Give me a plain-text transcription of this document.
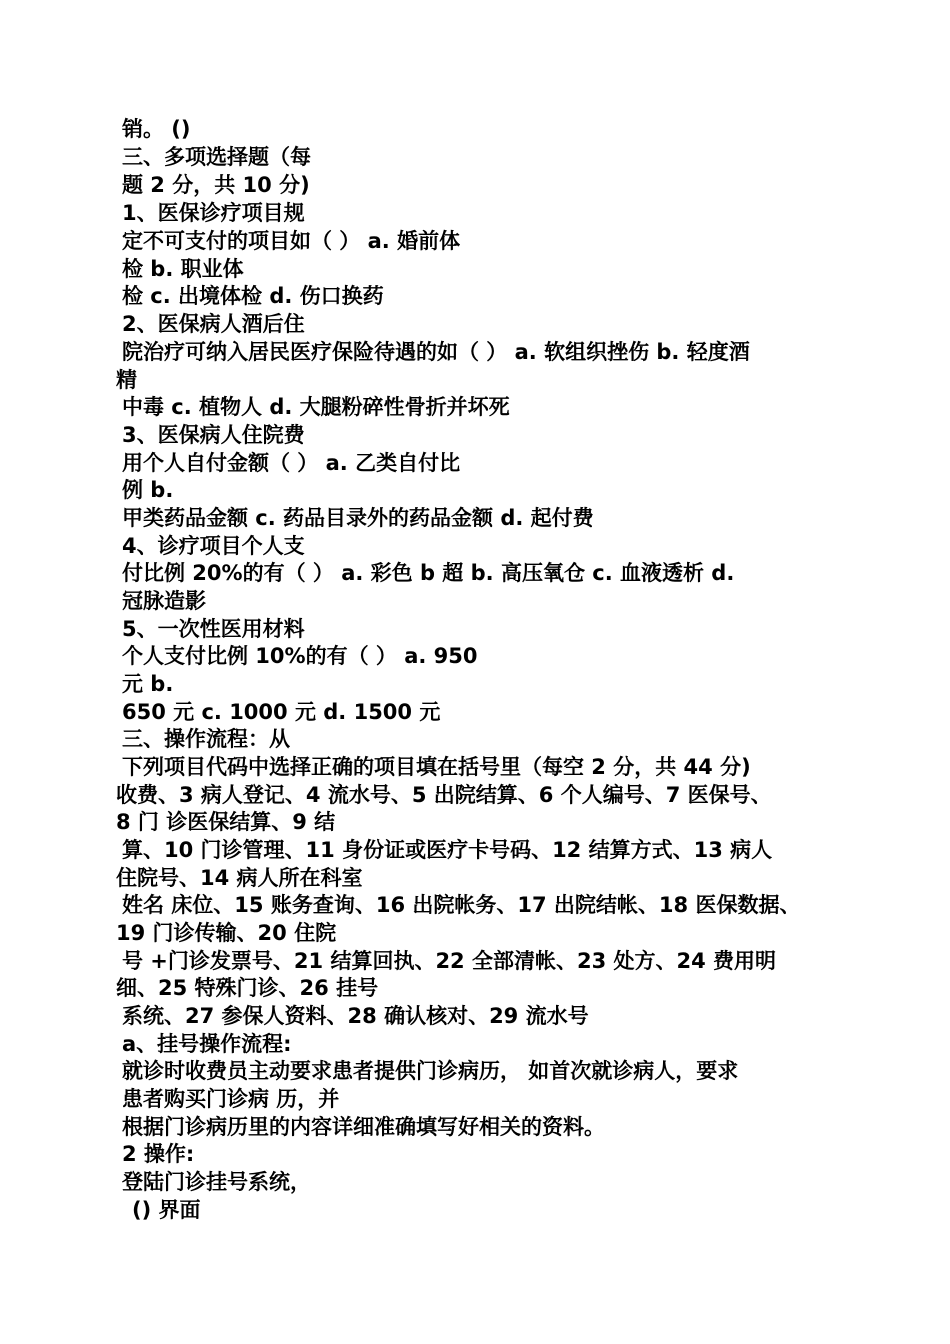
销。 ()
三、多项选择题（每
题 2 分，共 10 分)
1、医保诊疗项目规
定不可支付的项目如（ ） a. 婚前体
检 b. 职业体
检 c. 出境体检 d. 伤口换药
2、医保病人酒后住
院治疗可纳入居民医疗保险待遇的如（ ） a. 软组织挫伤 b. 轻度酒
精
中毒 c. 植物人 d. 大腿粉碎性骨折并坏死
3、医保病人住院费
用个人自付金额（ ） a. 乙类自付比
例 b.
甲类药品金额 c. 药品目录外的药品金额 d. 起付费
4、诊疗项目个人支
付比例 20%的有（ ） a. 彩色 b 超 b. 高压氧仓 c. 血液透析 d.
冠脉造影
5、一次性医用材料
个人支付比例 10%的有（ ） a. 950
元 b.
650 元 c. 1000 元 d. 1500 元
三、操作流程：从
下列项目代码中选择正确的项目填在括号里（每空 2 分，共 44 分)
收费、3 病人登记、4 流水号、5 出院结算、6 个人编号、7 医保号、
8 门 诊医保结算、9 结
算、10 门诊管理、11 身份证或医疗卡号码、12 结算方式、13 病人
住院号、14 病人所在科室
姓名 床位、15 账务查询、16 出院帐务、17 出院结帐、18 医保数据、
19 门诊传输、20 住院
号 +门诊发票号、21 结算回执、22 全部清帐、23 处方、24 费用明
细、25 特殊门诊、26 挂号
系统、27 参保人资料、28 确认核对、29 流水号
a、挂号操作流程:
就诊时收费员主动要求患者提供门诊病历， 如首次就诊病人，要求
患者购买门诊病 历，并
根据门诊病历里的内容详细准确填写好相关的资料。
2 操作:
登陆门诊挂号系统，
() 界面
